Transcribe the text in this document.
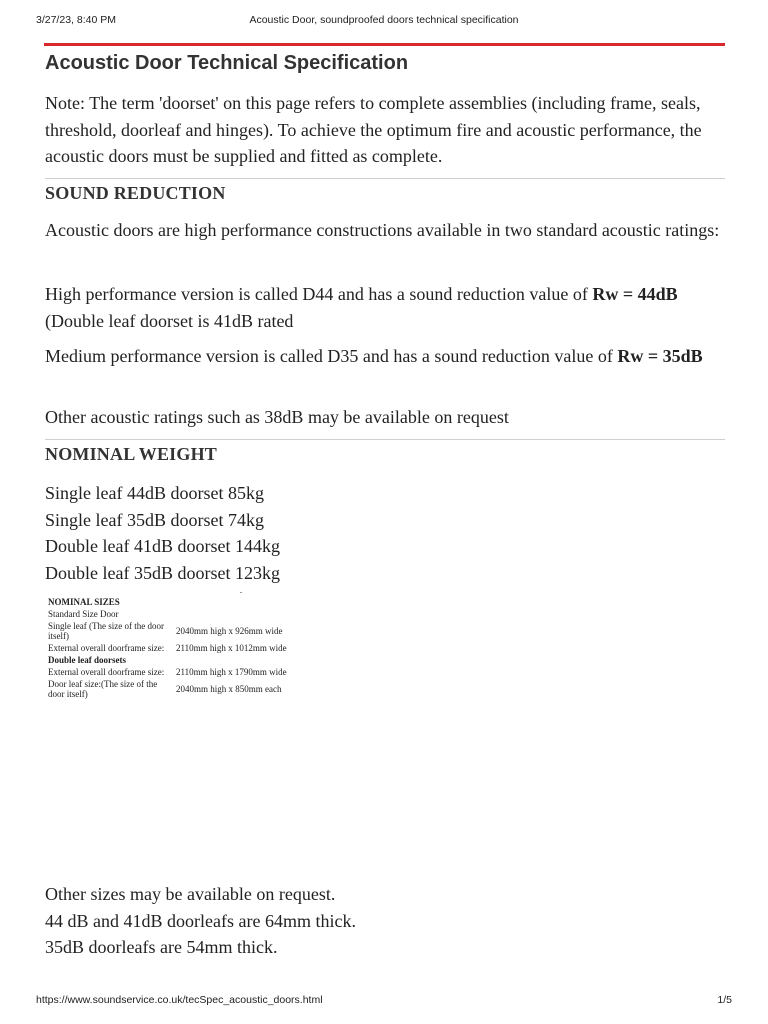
3/27/23, 8:40 PM	Acoustic Door, soundproofed doors technical specification
Acoustic Door Technical Specification

Note: The term 'doorset' on this page refers to complete assemblies (including frame, seals, threshold, doorleaf and hinges). To achieve the optimum fire and acoustic performance, the acoustic doors must be supplied and fitted as complete.

SOUND REDUCTION

Acoustic doors are high performance constructions available in two standard acoustic ratings:

High performance version is called D44 and has a sound reduction value of Rw = 44dB (Double leaf doorset is 41dB rated

Medium performance version is called D35 and has a sound reduction value of Rw = 35dB

Other acoustic ratings such as 38dB may be available on request

NOMINAL WEIGHT

Single leaf 44dB doorset 85kg

Single leaf 35dB doorset 74kg

Double leaf 41dB doorset 144kg

Double leaf 35dB doorset 123kg

NOMINAL SIZES	
Standard Size Door	
Single leaf (The size of the door itself)	2040mm high x 926mm wide
External overall doorframe size:	2110mm high x 1012mm wide
Double leaf doorsets	
External overall doorframe size:	2110mm high x 1790mm wide
Door leaf size:(The size of the door itself)	2040mm high x 850mm each

Other sizes may be available on request.

44 dB and 41dB doorleafs are 64mm thick.

35dB doorleafs are 54mm thick.

https://www.soundservice.co.uk/tecSpec_acoustic_doors.html	1/5
